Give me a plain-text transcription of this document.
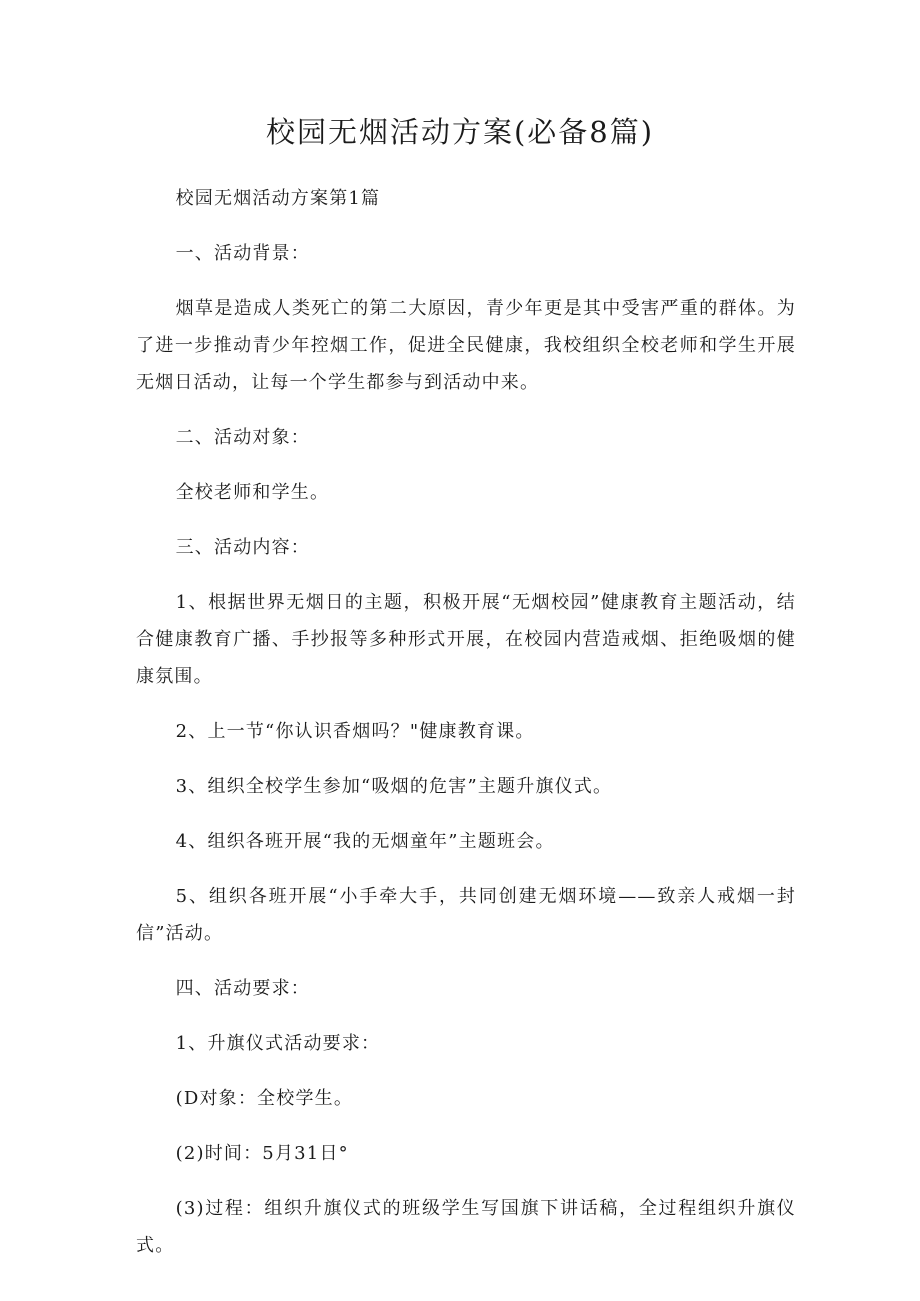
校园无烟活动方案(必备8篇)

校园无烟活动方案第1篇

一、活动背景：

烟草是造成人类死亡的第二大原因，青少年更是其中受害严重的群体。为了进一步推动青少年控烟工作，促进全民健康，我校组织全校老师和学生开展无烟日活动，让每一个学生都参与到活动中来。

二、活动对象：

全校老师和学生。

三、活动内容：

1、根据世界无烟日的主题，积极开展“无烟校园”健康教育主题活动，结合健康教育广播、手抄报等多种形式开展，在校园内营造戒烟、拒绝吸烟的健康氛围。

2、上一节“你认识香烟吗？"健康教育课。

3、组织全校学生参加“吸烟的危害”主题升旗仪式。

4、组织各班开展“我的无烟童年”主题班会。

5、组织各班开展“小手牵大手，共同创建无烟环境——致亲人戒烟一封信”活动。

四、活动要求：

1、升旗仪式活动要求：

(D对象：全校学生。

(2)时间：5月31日°

(3)过程：组织升旗仪式的班级学生写国旗下讲话稿，全过程组织升旗仪式。
